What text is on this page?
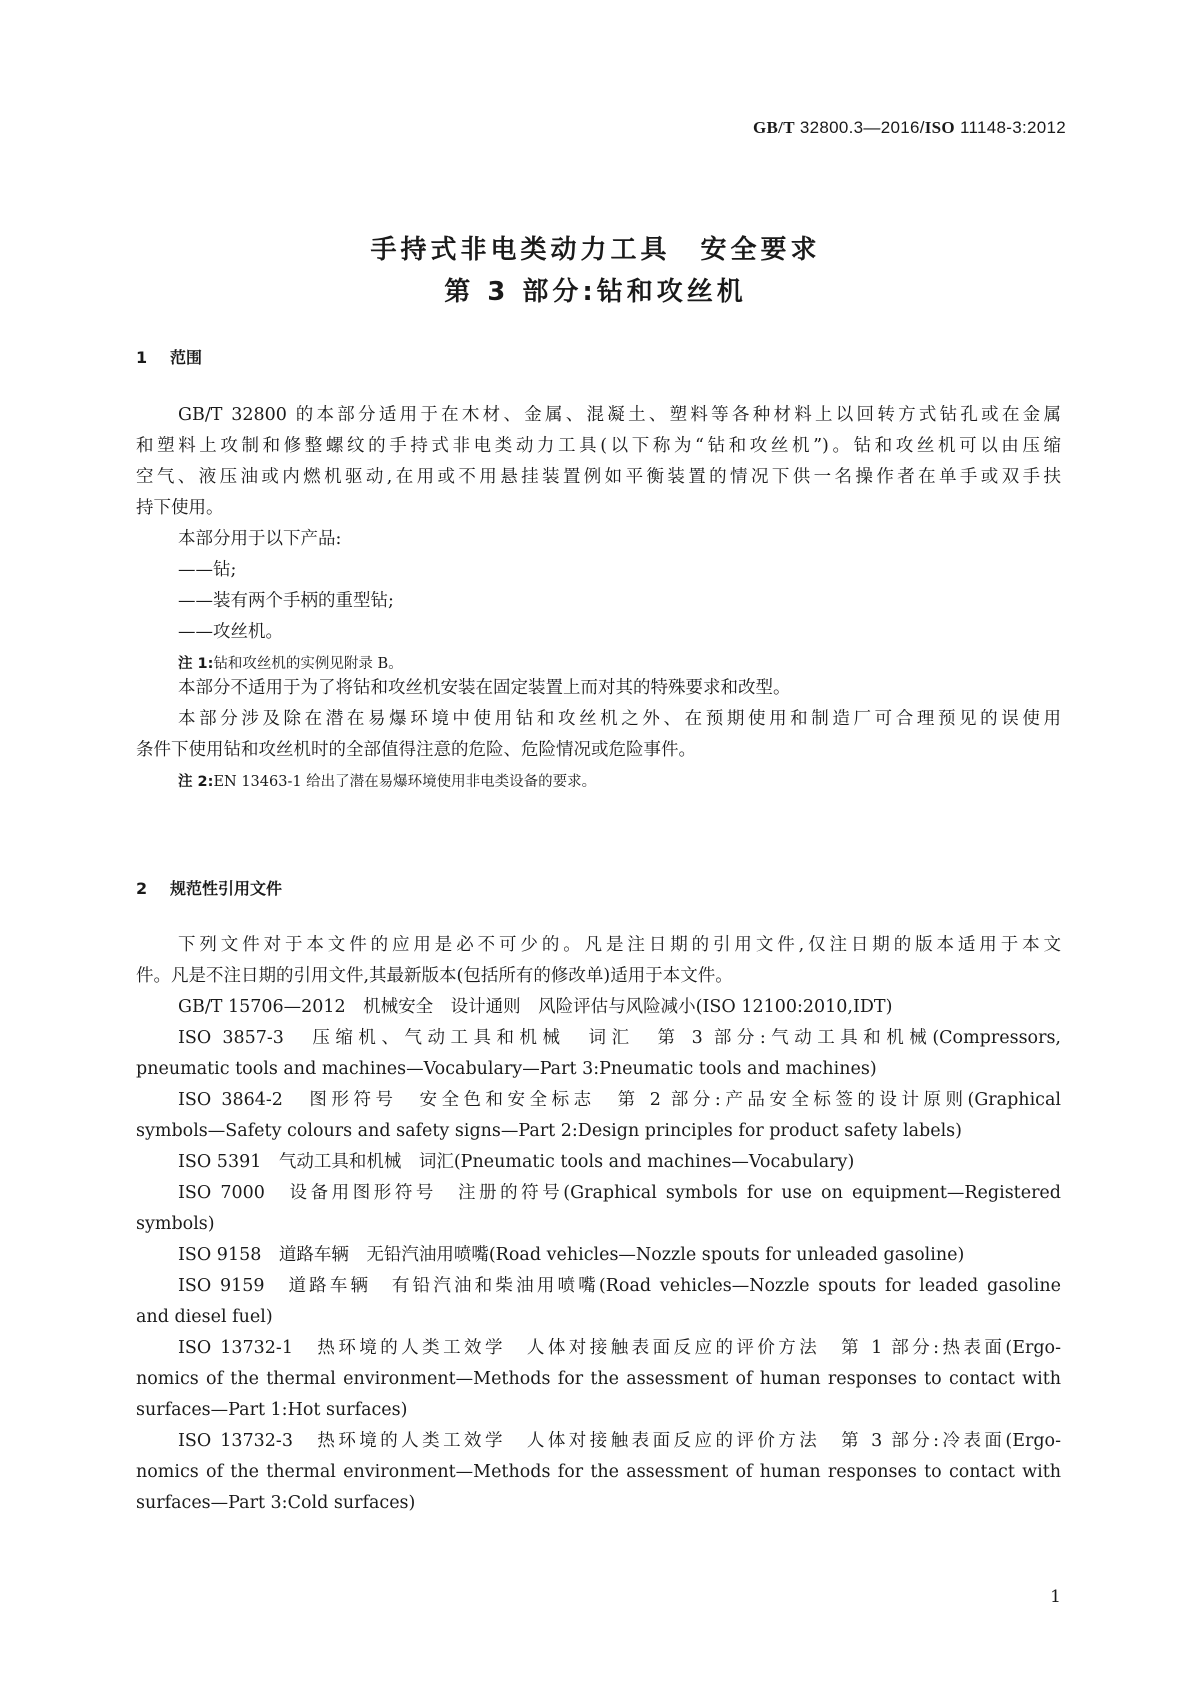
GB/T 32800.3—2016/ISO 11148-3:2012
手持式非电类动力工具　安全要求
第 3 部分:钻和攻丝机
1 范围
GB/T 32800 的本部分适用于在木材、金属、混凝土、塑料等各种材料上以回转方式钻孔或在金属
和塑料上攻制和修整螺纹的手持式非电类动力工具(以下称为“钻和攻丝机”)。钻和攻丝机可以由压缩
空气、液压油或内燃机驱动,在用或不用悬挂装置例如平衡装置的情况下供一名操作者在单手或双手扶
持下使用。
本部分用于以下产品:
——钻;
——装有两个手柄的重型钻;
——攻丝机。
注 1:钻和攻丝机的实例见附录 B。
本部分不适用于为了将钻和攻丝机安装在固定装置上而对其的特殊要求和改型。
本部分涉及除在潜在易爆环境中使用钻和攻丝机之外、在预期使用和制造厂可合理预见的误使用
条件下使用钻和攻丝机时的全部值得注意的危险、危险情况或危险事件。
注 2:EN 13463-1 给出了潜在易爆环境使用非电类设备的要求。
2 规范性引用文件
下列文件对于本文件的应用是必不可少的。凡是注日期的引用文件,仅注日期的版本适用于本文
件。凡是不注日期的引用文件,其最新版本(包括所有的修改单)适用于本文件。
GB/T 15706—2012　机械安全　设计通则　风险评估与风险减小(ISO 12100:2010,IDT)
ISO 3857-3　压缩机、气动工具和机械　词汇　第 3 部分:气动工具和机械(Compressors,
pneumatic tools and machines—Vocabulary—Part 3:Pneumatic tools and machines)
ISO 3864-2　图形符号　安全色和安全标志　第 2 部分:产品安全标签的设计原则(Graphical
symbols—Safety colours and safety signs—Part 2:Design principles for product safety labels)
ISO 5391　气动工具和机械　词汇(Pneumatic tools and machines—Vocabulary)
ISO 7000　设备用图形符号　注册的符号(Graphical symbols for use on equipment—Registered
symbols)
ISO 9158　道路车辆　无铅汽油用喷嘴(Road vehicles—Nozzle spouts for unleaded gasoline)
ISO 9159　道路车辆　有铅汽油和柴油用喷嘴(Road vehicles—Nozzle spouts for leaded gasoline
and diesel fuel)
ISO 13732-1　热环境的人类工效学　人体对接触表面反应的评价方法　第 1 部分:热表面(Ergo-
nomics of the thermal environment—Methods for the assessment of human responses to contact with
surfaces—Part 1:Hot surfaces)
ISO 13732-3　热环境的人类工效学　人体对接触表面反应的评价方法　第 3 部分:冷表面(Ergo-
nomics of the thermal environment—Methods for the assessment of human responses to contact with
surfaces—Part 3:Cold surfaces)
1
